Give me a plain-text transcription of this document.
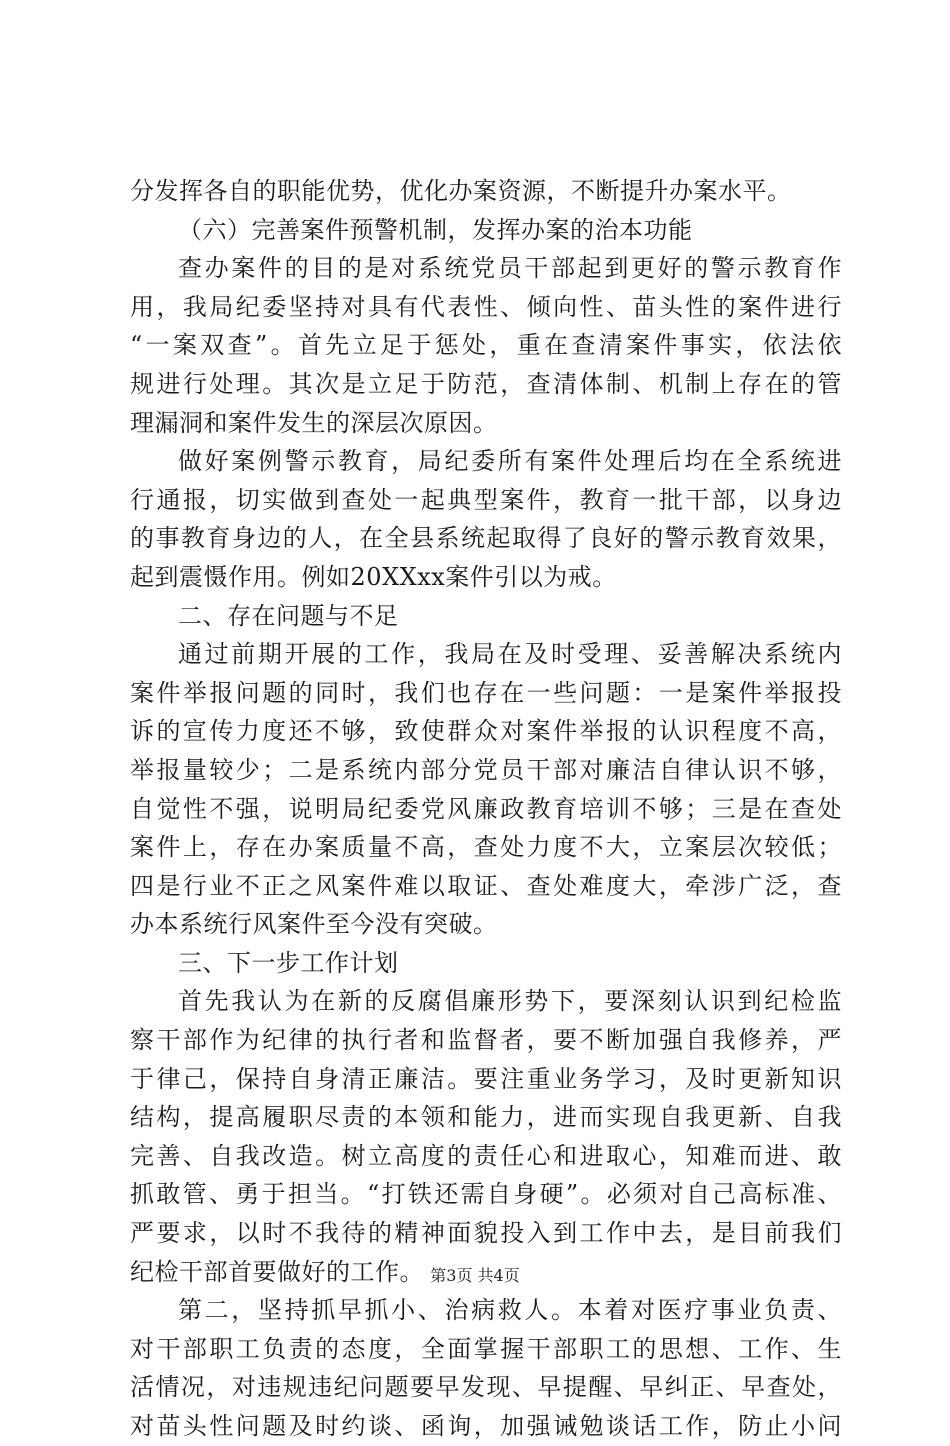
分发挥各自的职能优势，优化办案资源，不断提升办案水平。
（六）完善案件预警机制，发挥办案的治本功能
查办案件的目的是对系统党员干部起到更好的警示教育作
用，我局纪委坚持对具有代表性、倾向性、苗头性的案件进行
“一案双查”。首先立足于惩处，重在查清案件事实，依法依
规进行处理。其次是立足于防范，查清体制、机制上存在的管
理漏洞和案件发生的深层次原因。
做好案例警示教育，局纪委所有案件处理后均在全系统进
行通报，切实做到查处一起典型案件，教育一批干部，以身边
的事教育身边的人，在全县系统起取得了良好的警示教育效果，
起到震慑作用。例如20XXxx案件引以为戒。
二、存在问题与不足
通过前期开展的工作，我局在及时受理、妥善解决系统内
案件举报问题的同时，我们也存在一些问题：一是案件举报投
诉的宣传力度还不够，致使群众对案件举报的认识程度不高，
举报量较少；二是系统内部分党员干部对廉洁自律认识不够，
自觉性不强，说明局纪委党风廉政教育培训不够；三是在查处
案件上，存在办案质量不高，查处力度不大，立案层次较低；
四是行业不正之风案件难以取证、查处难度大，牵涉广泛，查
办本系统行风案件至今没有突破。
三、下一步工作计划
首先我认为在新的反腐倡廉形势下，要深刻认识到纪检监
察干部作为纪律的执行者和监督者，要不断加强自我修养，严
于律己，保持自身清正廉洁。要注重业务学习，及时更新知识
结构，提高履职尽责的本领和能力，进而实现自我更新、自我
完善、自我改造。树立高度的责任心和进取心，知难而进、敢
抓敢管、勇于担当。“打铁还需自身硬”。必须对自己高标准、
严要求，以时不我待的精神面貌投入到工作中去，是目前我们
纪检干部首要做好的工作。
第二，坚持抓早抓小、治病救人。本着对医疗事业负责、
对干部职工负责的态度，全面掌握干部职工的思想、工作、生
活情况，对违规违纪问题要早发现、早提醒、早纠正、早查处，
对苗头性问题及时约谈、函询，加强诫勉谈话工作，防止小问
第3页 共4页
